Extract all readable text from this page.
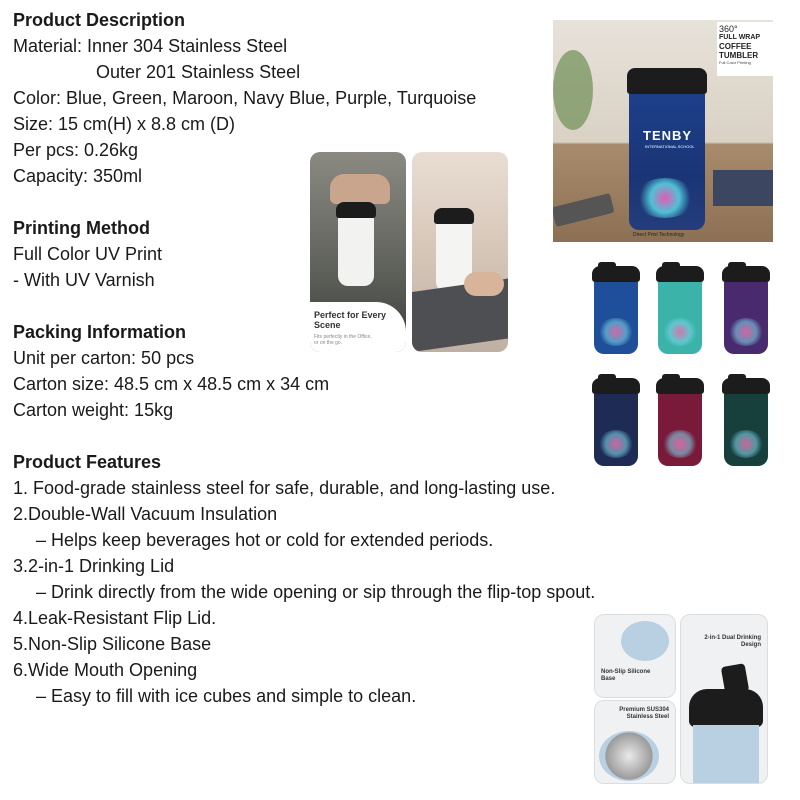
Product Description
Material: Inner 304 Stainless Steel
Outer 201 Stainless Steel
Color: Blue, Green, Maroon, Navy Blue, Purple, Turquoise
Size: 15 cm(H) x 8.8 cm (D)
Per pcs: 0.26kg
Capacity: 350ml
Printing Method
Full Color UV Print
- With UV Varnish
Packing Information
Unit per carton: 50 pcs
Carton size: 48.5 cm x 48.5 cm x 34 cm
Carton weight: 15kg
Product Features
1. Food-grade stainless steel for safe, durable, and long-lasting use.
2.Double-Wall Vacuum Insulation
– Helps keep beverages hot or cold for extended periods.
3.2-in-1 Drinking Lid
– Drink directly from the wide opening or sip through the flip-top spout.
4.Leak-Resistant Flip Lid.
5.Non-Slip Silicone Base
6.Wide Mouth Opening
– Easy to fill with ice cubes and simple to clean.
Perfect for Every Scene
Fits perfectly in the Office, or on the go.
TENBY
INTERNATIONAL SCHOOL
360°
FULL WRAP
COFFEE
TUMBLER
Full Color Printing
Direct Print Technology
Non-Slip Silicone Base
Premium SUS304 Stainless Steel
2-in-1 Dual Drinking Design
